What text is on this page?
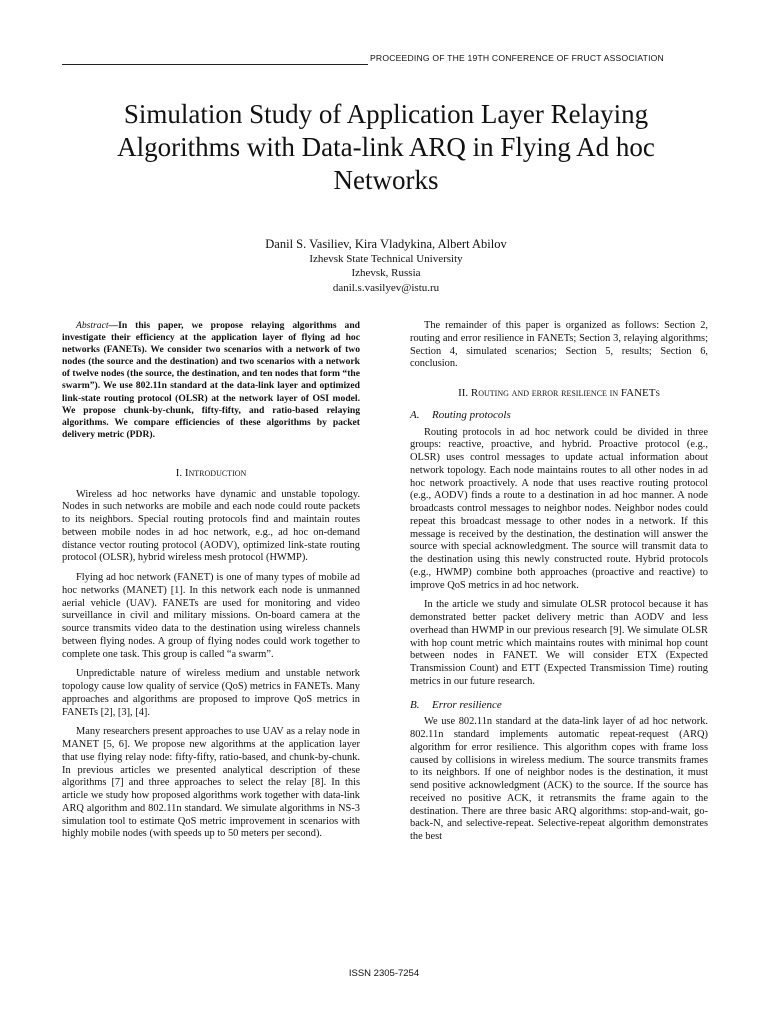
PROCEEDING OF THE 19TH CONFERENCE OF FRUCT ASSOCIATION
Simulation Study of Application Layer Relaying Algorithms with Data-link ARQ in Flying Ad hoc Networks
Danil S. Vasiliev, Kira Vladykina, Albert Abilov
Izhevsk State Technical University
Izhevsk, Russia
danil.s.vasilyev@istu.ru

Abstract—In this paper, we propose relaying algorithms and investigate their efficiency at the application layer of flying ad hoc networks (FANETs). We consider two scenarios with a network of two nodes (the source and the destination) and two scenarios with a network of twelve nodes (the source, the destination, and ten nodes that form “the swarm”). We use 802.11n standard at the data-link layer and optimized link-state routing protocol (OLSR) at the network layer of OSI model. We propose chunk-by-chunk, fifty-fifty, and ratio-based relaying algorithms. We compare efficiencies of these algorithms by packet delivery metric (PDR).

I. Introduction

Wireless ad hoc networks have dynamic and unstable topology. Nodes in such networks are mobile and each node could route packets to its neighbors. Special routing protocols find and maintain routes between mobile nodes in ad hoc network, e.g., ad hoc on-demand distance vector routing protocol (AODV), optimized link-state routing protocol (OLSR), hybrid wireless mesh protocol (HWMP).

Flying ad hoc network (FANET) is one of many types of mobile ad hoc networks (MANET) [1]. In this network each node is unmanned aerial vehicle (UAV). FANETs are used for monitoring and video surveillance in civil and military missions. On-board camera at the source transmits video data to the destination using wireless channels between flying nodes. A group of flying nodes could work together to complete one task. This group is called “a swarm”.

Unpredictable nature of wireless medium and unstable network topology cause low quality of service (QoS) metrics in FANETs. Many approaches and algorithms are proposed to improve QoS metrics in FANETs [2], [3], [4].

Many researchers present approaches to use UAV as a relay node in MANET [5, 6]. We propose new algorithms at the application layer that use flying relay node: fifty-fifty, ratio-based, and chunk-by-chunk. In previous articles we presented analytical description of these algorithms [7] and three approaches to select the relay [8]. In this article we study how proposed algorithms work together with data-link ARQ algorithm and 802.11n standard. We simulate algorithms in NS-3 simulation tool to estimate QoS metric improvement in scenarios with highly mobile nodes (with speeds up to 50 meters per second).

The remainder of this paper is organized as follows: Section 2, routing and error resilience in FANETs; Section 3, relaying algorithms; Section 4, simulated scenarios; Section 5, results; Section 6, conclusion.

II. Routing and error resilience in FANETs
A. Routing protocols

Routing protocols in ad hoc network could be divided in three groups: reactive, proactive, and hybrid. Proactive protocol (e.g., OLSR) uses control messages to update actual information about network topology. Each node maintains routes to all other nodes in ad hoc network proactively. A node that uses reactive routing protocol (e.g., AODV) finds a route to a destination in ad hoc manner. A node broadcasts control messages to neighbor nodes. Neighbor nodes could repeat this broadcast message to other nodes in a network. If this message is received by the destination, the destination will answer the source with special acknowledgment. The source will transmit data to the destination using this newly constructed route. Hybrid protocols (e.g., HWMP) combine both approaches (proactive and reactive) to improve QoS metrics in ad hoc network.

In the article we study and simulate OLSR protocol because it has demonstrated better packet delivery metric than AODV and less overhead than HWMP in our previous research [9]. We simulate OLSR with hop count metric which maintains routes with minimal hop count between nodes in FANET. We will consider ETX (Expected Transmission Count) and ETT (Expected Transmission Time) routing metrics in our future research.

B. Error resilience

We use 802.11n standard at the data-link layer of ad hoc network. 802.11n standard implements automatic repeat-request (ARQ) algorithm for error resilience. This algorithm copes with frame loss caused by collisions in wireless medium. The source transmits frames to its neighbors. If one of neighbor nodes is the destination, it must send positive acknowledgment (ACK) to the source. If the source has received no positive ACK, it retransmits the frame again to the destination. There are three basic ARQ algorithms: stop-and-wait, go-back-N, and selective-repeat. Selective-repeat algorithm demonstrates the best

ISSN 2305-7254
